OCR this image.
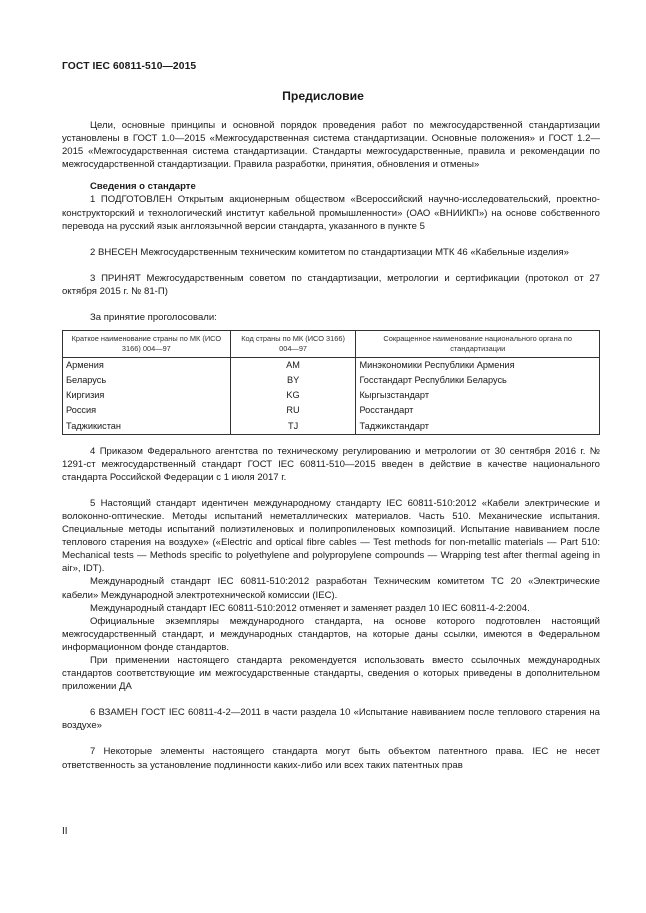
ГОСТ IEC 60811-510—2015
Предисловие

Цели, основные принципы и основной порядок проведения работ по межгосударственной стандартизации установлены в ГОСТ 1.0—2015 «Межгосударственная система стандартизации. Основные положения» и ГОСТ 1.2—2015 «Межгосударственная система стандартизации. Стандарты межгосударственные, правила и рекомендации по межгосударственной стандартизации. Правила разработки, принятия, обновления и отмены»

Сведения о стандарте

1 ПОДГОТОВЛЕН Открытым акционерным обществом «Всероссийский научно-исследовательский, проектно-конструкторский и технологический институт кабельной промышленности» (ОАО «ВНИИКП») на основе собственного перевода на русский язык англоязычной версии стандарта, указанного в пункте 5

2 ВНЕСЕН Межгосударственным техническим комитетом по стандартизации МТК 46 «Кабельные изделия»

3 ПРИНЯТ Межгосударственным советом по стандартизации, метрологии и сертификации (протокол от 27 октября 2015 г. № 81-П)

За принятие проголосовали:

Краткое наименование страны по МК (ИСО 3166) 004—97	Код страны по МК (ИСО 3166) 004—97	Сокращенное наименование национального органа по стандартизации
Армения	AM	Минэкономики Республики Армения
Беларусь	BY	Госстандарт Республики Беларусь
Киргизия	KG	Кыргызстандарт
Россия	RU	Росстандарт
Таджикистан	TJ	Таджикстандарт

4 Приказом Федерального агентства по техническому регулированию и метрологии от 30 сентября 2016 г. № 1291-ст межгосударственный стандарт ГОСТ IEC 60811-510—2015 введен в действие в качестве национального стандарта Российской Федерации с 1 июля 2017 г.

5 Настоящий стандарт идентичен международному стандарту IEC 60811-510:2012 «Кабели электрические и волоконно-оптические. Методы испытаний неметаллических материалов. Часть 510. Механические испытания. Специальные методы испытаний полиэтиленовых и полипропиленовых композиций. Испытание навиванием после теплового старения на воздухе» («Electric and optical fibre cables — Test methods for non-metallic materials — Part 510: Mechanical tests — Methods specific to polyethylene and polypropylene compounds — Wrapping test after thermal ageing in air», IDT).

Международный стандарт IEC 60811-510:2012 разработан Техническим комитетом ТС 20 «Электрические кабели» Международной электротехнической комиссии (IEC).

Международный стандарт IEC 60811-510:2012 отменяет и заменяет раздел 10 IEC 60811-4-2:2004.

Официальные экземпляры международного стандарта, на основе которого подготовлен настоящий межгосударственный стандарт, и международных стандартов, на которые даны ссылки, имеются в Федеральном информационном фонде стандартов.

При применении настоящего стандарта рекомендуется использовать вместо ссылочных международных стандартов соответствующие им межгосударственные стандарты, сведения о которых приведены в дополнительном приложении ДА

6 ВЗАМЕН ГОСТ IEC 60811-4-2—2011 в части раздела 10 «Испытание навиванием после теплового старения на воздухе»

7 Некоторые элементы настоящего стандарта могут быть объектом патентного права. IEC не несет ответственность за установление подлинности каких-либо или всех таких патентных прав

II
